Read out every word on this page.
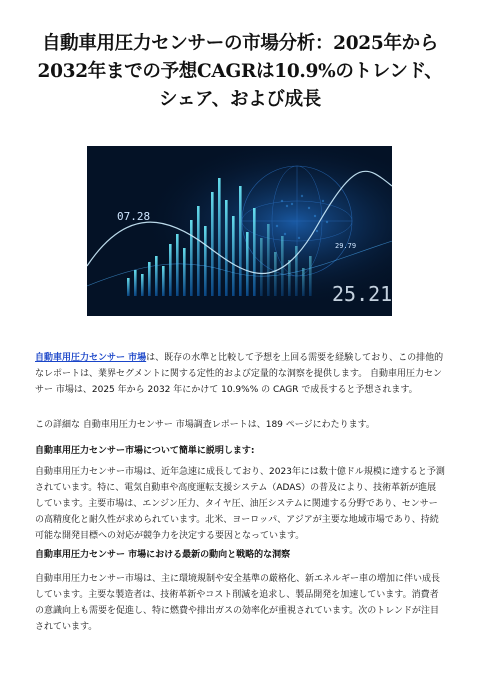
自動車用圧力センサーの市場分析：2025年から
2032年までの予想CAGRは10.9%のトレンド、
シェア、および成長
07.28
29.79
25.21

自動車用圧力センサー 市場は、既存の水準と比較して予想を上回る需要を経験しており、この排他的なレポートは、業界セグメントに関する定性的および定量的な洞察を提供します。 自動車用圧力センサー 市場は、2025 年から 2032 年にかけて 10.9%% の CAGR で成長すると予想されます。

この詳細な 自動車用圧力センサー 市場調査レポートは、189 ページにわたります。

自動車用圧力センサー市場について簡単に説明します:

自動車用圧力センサー市場は、近年急速に成長しており、2023年には数十億ドル規模に達すると予測されています。特に、電気自動車や高度運転支援システム（ADAS）の普及により、技術革新が進展しています。主要市場は、エンジン圧力、タイヤ圧、油圧システムに関連する分野であり、センサーの高精度化と耐久性が求められています。北米、ヨーロッパ、アジアが主要な地域市場であり、持続可能な開発目標への対応が競争力を決定する要因となっています。

自動車用圧力センサー 市場における最新の動向と戦略的な洞察

自動車用圧力センサー市場は、主に環境規制や安全基準の厳格化、新エネルギー車の増加に伴い成長しています。主要な製造者は、技術革新やコスト削減を追求し、製品開発を加速しています。消費者の意識向上も需要を促進し、特に燃費や排出ガスの効率化が重視されています。次のトレンドが注目されています。
